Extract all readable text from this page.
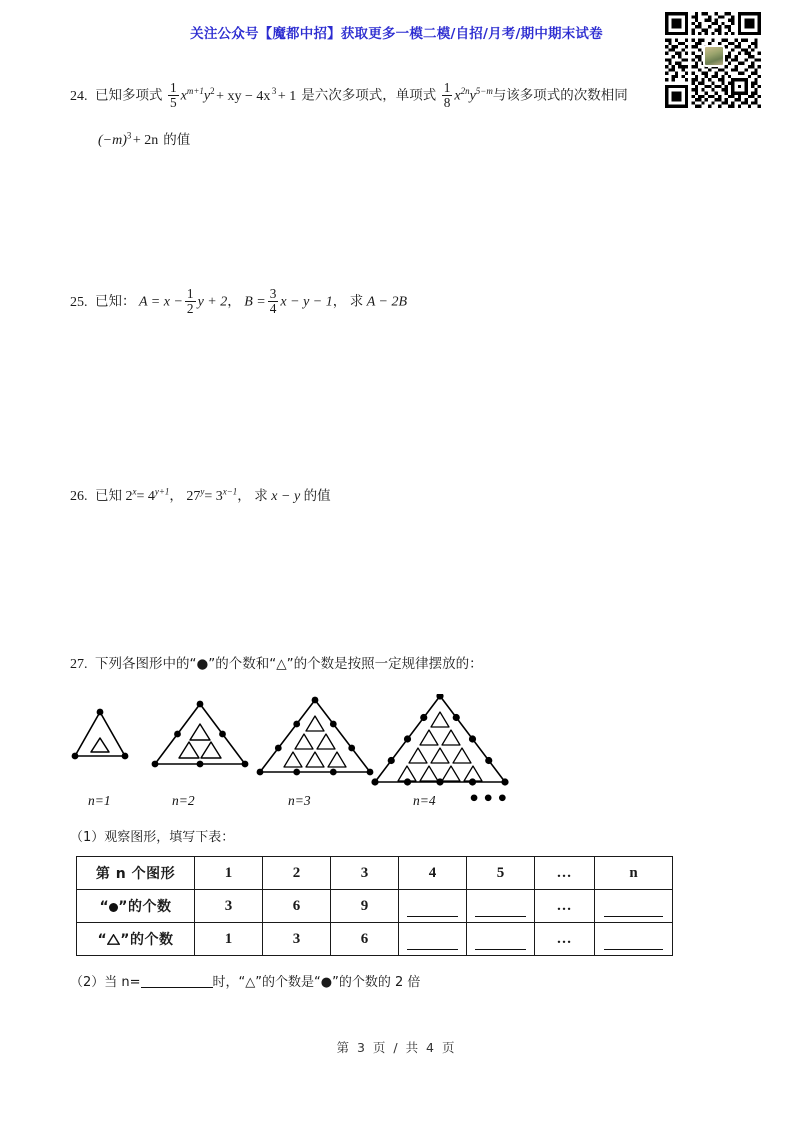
关注公众号【魔都中招】获取更多一模二模/自招/月考/期中期末试卷
24. 已知多项式 $\frac{1}{5} x^{m+1}y^2$ + xy − 4x $^3$ + 1 是六次多项式，单项式 $\frac{1}{8} x^{2n}y^{5-m}$与该多项式的次数相同
$(-m)^3 + 2n$ 的值
25. 已知： $A = x - \frac{1}{2}$ y + 2， $B = \frac{3}{4}$ x − y − 1， 求 A − 2B
26. 已知 $2^x= 4^{y+1}$， $27^y= 3^{x-1}$， 求 x − y 的值
27. 下列各图形中的“●”的个数和“△”的个数是按照一定规律摆放的：
•••
n=1	n=2	n=3	n=4
（1）观察图形，填写下表：
第 n 个图形	1	2	3	4	5	…	n
“ ”的个数	3	6	9			…	
“ ”的个数	1	3	6			…	
（2）当 n=	时，“△”的个数是“●”的个数的 2 倍
第 3 页 / 共 4 页
